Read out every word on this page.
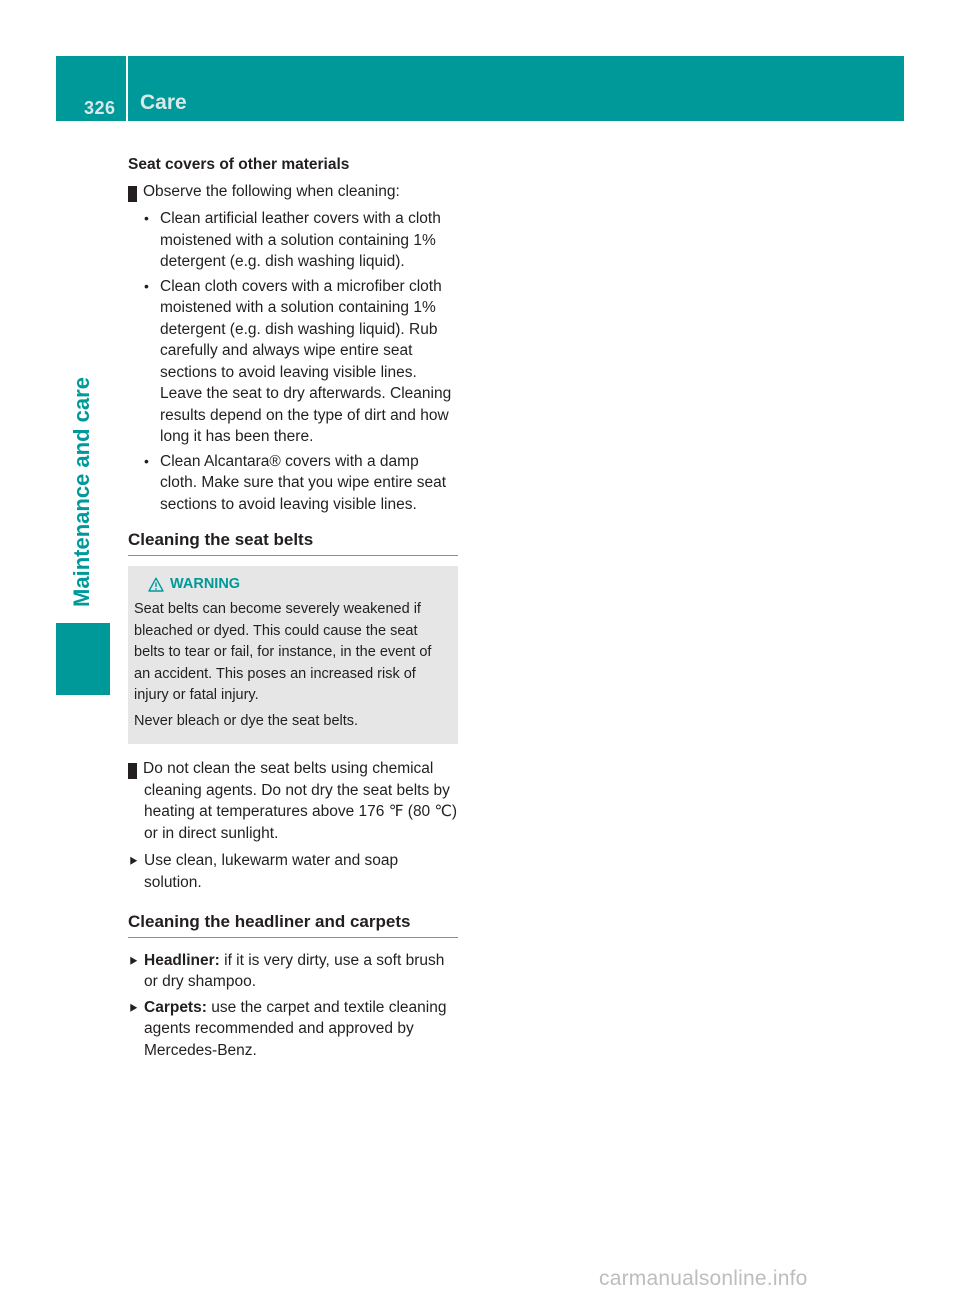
326 Care
Maintenance and care
Seat covers of other materials
! Observe the following when cleaning:
• Clean artificial leather covers with a cloth moistened with a solution containing 1% detergent (e.g. dish washing liquid).
• Clean cloth covers with a microfiber cloth moistened with a solution containing 1% detergent (e.g. dish washing liquid). Rub carefully and always wipe entire seat sections to avoid leaving visible lines. Leave the seat to dry afterwards. Cleaning results depend on the type of dirt and how long it has been there.
• Clean Alcantara® covers with a damp cloth. Make sure that you wipe entire seat sections to avoid leaving visible lines.
Cleaning the seat belts
WARNING
Seat belts can become severely weakened if bleached or dyed. This could cause the seat belts to tear or fail, for instance, in the event of an accident. This poses an increased risk of injury or fatal injury.
Never bleach or dye the seat belts.
! Do not clean the seat belts using chemical cleaning agents. Do not dry the seat belts by heating at temperatures above 176 ℉ (80 ℃) or in direct sunlight.
⯈ Use clean, lukewarm water and soap solution.
Cleaning the headliner and carpets
⯈ Headliner: if it is very dirty, use a soft brush or dry shampoo.
⯈ Carpets: use the carpet and textile cleaning agents recommended and approved by Mercedes-Benz.
carmanualsonline.info
